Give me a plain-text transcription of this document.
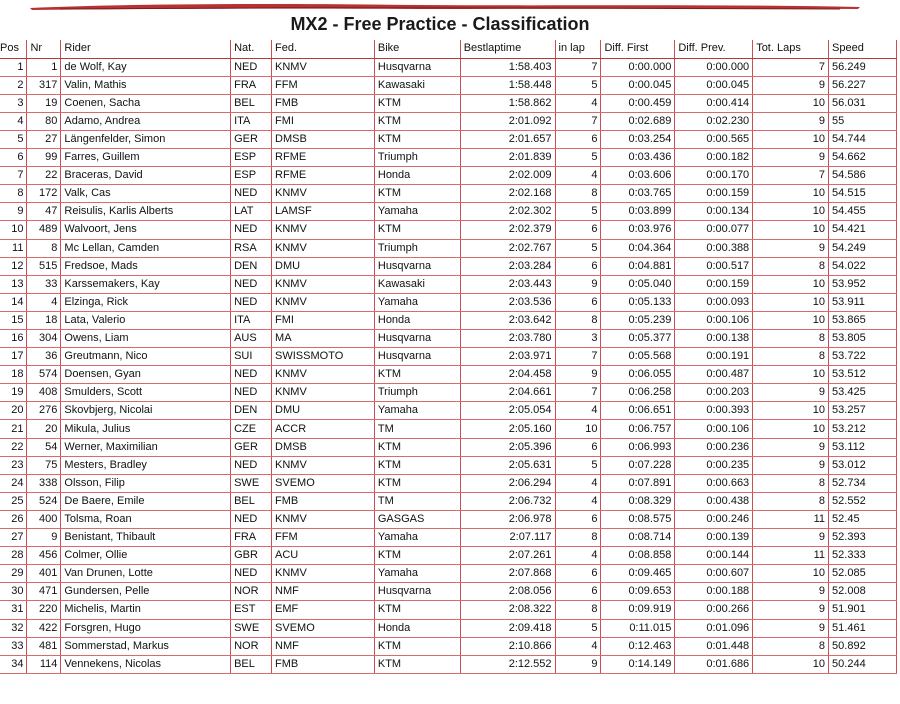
MX2 - Free Practice - Classification
Pos	Nr	Rider	Nat.	Fed.	Bike	Bestlaptime	in lap	Diff. First	Diff. Prev.	Tot. Laps	Speed
1	1	de Wolf, Kay	NED	KNMV	Husqvarna	1:58.403	7	0:00.000	0:00.000	7	56.249
2	317	Valin, Mathis	FRA	FFM	Kawasaki	1:58.448	5	0:00.045	0:00.045	9	56.227
3	19	Coenen, Sacha	BEL	FMB	KTM	1:58.862	4	0:00.459	0:00.414	10	56.031
4	80	Adamo, Andrea	ITA	FMI	KTM	2:01.092	7	0:02.689	0:02.230	9	55
5	27	Längenfelder, Simon	GER	DMSB	KTM	2:01.657	6	0:03.254	0:00.565	10	54.744
6	99	Farres, Guillem	ESP	RFME	Triumph	2:01.839	5	0:03.436	0:00.182	9	54.662
7	22	Braceras, David	ESP	RFME	Honda	2:02.009	4	0:03.606	0:00.170	7	54.586
8	172	Valk, Cas	NED	KNMV	KTM	2:02.168	8	0:03.765	0:00.159	10	54.515
9	47	Reisulis, Karlis Alberts	LAT	LAMSF	Yamaha	2:02.302	5	0:03.899	0:00.134	10	54.455
10	489	Walvoort, Jens	NED	KNMV	KTM	2:02.379	6	0:03.976	0:00.077	10	54.421
11	8	Mc Lellan, Camden	RSA	KNMV	Triumph	2:02.767	5	0:04.364	0:00.388	9	54.249
12	515	Fredsoe, Mads	DEN	DMU	Husqvarna	2:03.284	6	0:04.881	0:00.517	8	54.022
13	33	Karssemakers, Kay	NED	KNMV	Kawasaki	2:03.443	9	0:05.040	0:00.159	10	53.952
14	4	Elzinga, Rick	NED	KNMV	Yamaha	2:03.536	6	0:05.133	0:00.093	10	53.911
15	18	Lata, Valerio	ITA	FMI	Honda	2:03.642	8	0:05.239	0:00.106	10	53.865
16	304	Owens, Liam	AUS	MA	Husqvarna	2:03.780	3	0:05.377	0:00.138	8	53.805
17	36	Greutmann, Nico	SUI	SWISSMOTO	Husqvarna	2:03.971	7	0:05.568	0:00.191	8	53.722
18	574	Doensen, Gyan	NED	KNMV	KTM	2:04.458	9	0:06.055	0:00.487	10	53.512
19	408	Smulders, Scott	NED	KNMV	Triumph	2:04.661	7	0:06.258	0:00.203	9	53.425
20	276	Skovbjerg, Nicolai	DEN	DMU	Yamaha	2:05.054	4	0:06.651	0:00.393	10	53.257
21	20	Mikula, Julius	CZE	ACCR	TM	2:05.160	10	0:06.757	0:00.106	10	53.212
22	54	Werner, Maximilian	GER	DMSB	KTM	2:05.396	6	0:06.993	0:00.236	9	53.112
23	75	Mesters, Bradley	NED	KNMV	KTM	2:05.631	5	0:07.228	0:00.235	9	53.012
24	338	Olsson, Filip	SWE	SVEMO	KTM	2:06.294	4	0:07.891	0:00.663	8	52.734
25	524	De Baere, Emile	BEL	FMB	TM	2:06.732	4	0:08.329	0:00.438	8	52.552
26	400	Tolsma, Roan	NED	KNMV	GASGAS	2:06.978	6	0:08.575	0:00.246	11	52.45
27	9	Benistant, Thibault	FRA	FFM	Yamaha	2:07.117	8	0:08.714	0:00.139	9	52.393
28	456	Colmer, Ollie	GBR	ACU	KTM	2:07.261	4	0:08.858	0:00.144	11	52.333
29	401	Van Drunen, Lotte	NED	KNMV	Yamaha	2:07.868	6	0:09.465	0:00.607	10	52.085
30	471	Gundersen, Pelle	NOR	NMF	Husqvarna	2:08.056	6	0:09.653	0:00.188	9	52.008
31	220	Michelis, Martin	EST	EMF	KTM	2:08.322	8	0:09.919	0:00.266	9	51.901
32	422	Forsgren, Hugo	SWE	SVEMO	Honda	2:09.418	5	0:11.015	0:01.096	9	51.461
33	481	Sommerstad, Markus	NOR	NMF	KTM	2:10.866	4	0:12.463	0:01.448	8	50.892
34	114	Vennekens, Nicolas	BEL	FMB	KTM	2:12.552	9	0:14.149	0:01.686	10	50.244
